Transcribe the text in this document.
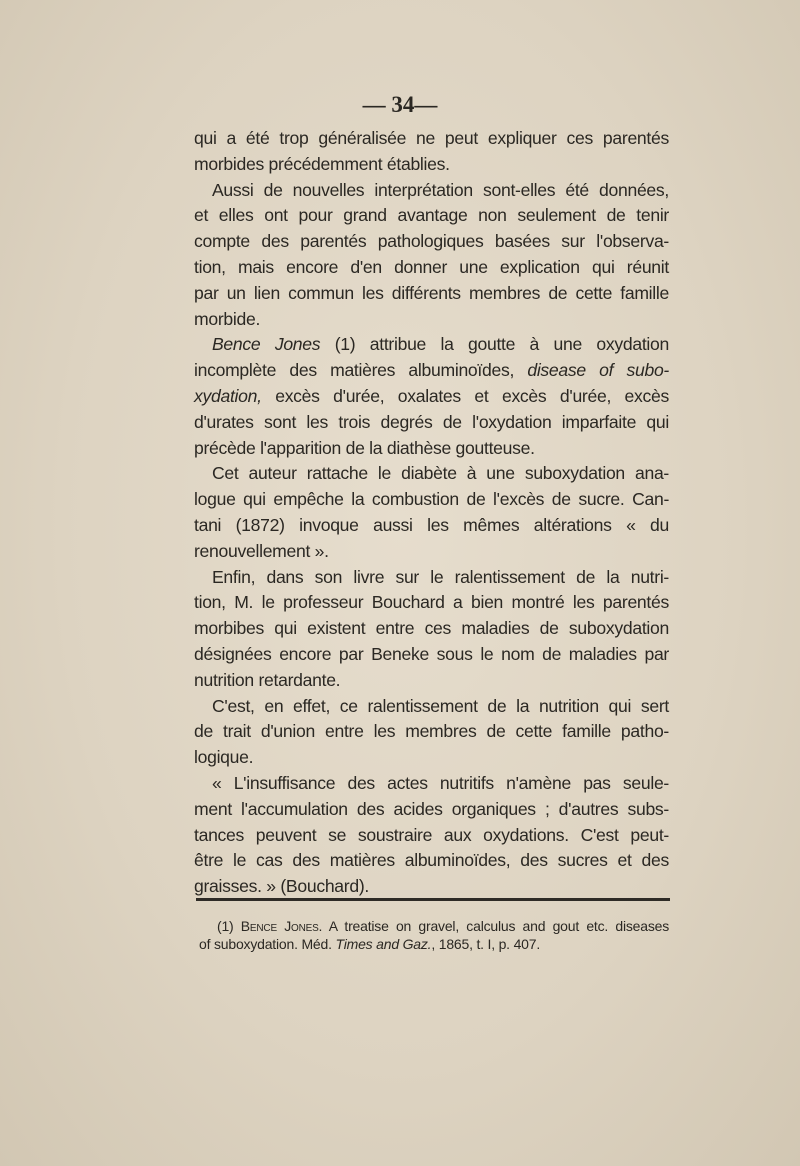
— 34—
qui a été trop généralisée ne peut expliquer ces parentés
morbides précédemment établies.
Aussi de nouvelles interprétation sont-elles été données,
et elles ont pour grand avantage non seulement de tenir
compte des parentés pathologiques basées sur l'observa-
tion, mais encore d'en donner une explication qui réunit
par un lien commun les différents membres de cette famille
morbide.
Bence Jones (1) attribue la goutte à une oxydation
incomplète des matières albuminoïdes, disease of subo-
xydation, excès d'urée, oxalates et excès d'urée, excès
d'urates sont les trois degrés de l'oxydation imparfaite qui
précède l'apparition de la diathèse goutteuse.
Cet auteur rattache le diabète à une suboxydation ana-
logue qui empêche la combustion de l'excès de sucre. Can-
tani (1872) invoque aussi les mêmes altérations « du
renouvellement ».
Enfin, dans son livre sur le ralentissement de la nutri-
tion, M. le professeur Bouchard a bien montré les parentés
morbibes qui existent entre ces maladies de suboxydation
désignées encore par Beneke sous le nom de maladies par
nutrition retardante.
C'est, en effet, ce ralentissement de la nutrition qui sert
de trait d'union entre les membres de cette famille patho-
logique.
« L'insuffisance des actes nutritifs n'amène pas seule-
ment l'accumulation des acides organiques ; d'autres subs-
tances peuvent se soustraire aux oxydations. C'est peut-
être le cas des matières albuminoïdes, des sucres et des
graisses. » (Bouchard).
(1) Bence Jones. A treatise on gravel, calculus and gout etc. diseases
of suboxydation. Méd. Times and Gaz., 1865, t. I, p. 407.
